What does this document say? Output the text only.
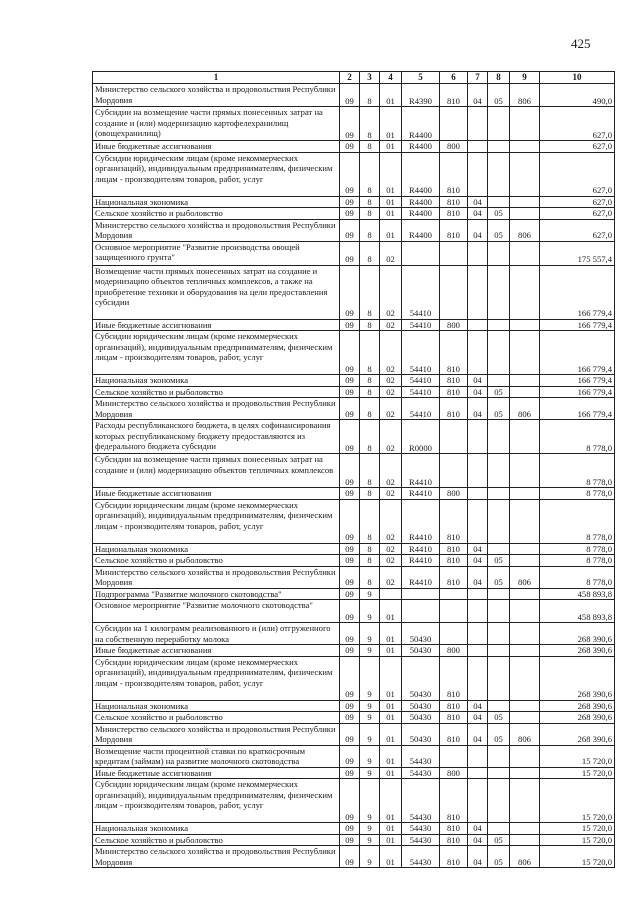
425
1	2	3	4	5	6	7	8	9	10
Министерство сельского хозяйства и продовольствия Республики Мордовия	09	8	01	R4390	810	04	05	806	490,0
Субсидии на возмещение части прямых понесенных затрат на создание и (или) модернизацию картофелехранилищ (овощехранилищ)	09	8	01	R4400					627,0
Иные бюджетные ассигнования	09	8	01	R4400	800				627,0
Субсидии юридическим лицам (кроме некоммерческих организаций), индивидуальным предпринимателям, физическим лицам - производителям товаров, работ, услуг	09	8	01	R4400	810				627,0
Национальная экономика	09	8	01	R4400	810	04			627,0
Сельское хозяйство и рыболовство	09	8	01	R4400	810	04	05		627,0
Министерство сельского хозяйства и продовольствия Республики Мордовия	09	8	01	R4400	810	04	05	806	627,0
Основное мероприятие "Развитие производства овощей защищенного грунта"	09	8	02						175 557,4
Возмещение части прямых понесенных затрат на создание и модернизацию объектов тепличных комплексов, а также на приобретение техники и оборудования на цели предоставления субсидии	09	8	02	54410					166 779,4
Иные бюджетные ассигнования	09	8	02	54410	800				166 779,4
Субсидии юридическим лицам (кроме некоммерческих организаций), индивидуальным предпринимателям, физическим лицам - производителям товаров, работ, услуг	09	8	02	54410	810				166 779,4
Национальная экономика	09	8	02	54410	810	04			166 779,4
Сельское хозяйство и рыболовство	09	8	02	54410	810	04	05		166 779,4
Министерство сельского хозяйства и продовольствия Республики Мордовия	09	8	02	54410	810	04	05	806	166 779,4
Расходы республиканского бюджета, в целях софинансирования которых республиканскому бюджету предоставляются из федерального бюджета субсидии	09	8	02	R0000					8 778,0
Субсидии на возмещение части прямых понесенных затрат на создание и (или) модернизацию объектов тепличных комплексов	09	8	02	R4410					8 778,0
Иные бюджетные ассигнования	09	8	02	R4410	800				8 778,0
Субсидии юридическим лицам (кроме некоммерческих организаций), индивидуальным предпринимателям, физическим лицам - производителям товаров, работ, услуг	09	8	02	R4410	810				8 778,0
Национальная экономика	09	8	02	R4410	810	04			8 778,0
Сельское хозяйство и рыболовство	09	8	02	R4410	810	04	05		8 778,0
Министерство сельского хозяйства и продовольствия Республики Мордовия	09	8	02	R4410	810	04	05	806	8 778,0
Подпрограмма "Развитие молочного скотоводства"	09	9							458 893,8
Основное мероприятие "Развитие молочного скотоводства"	09	9	01						458 893,8
Субсидии на 1 килограмм реализованного и (или) отгруженного на собственную переработку молока	09	9	01	50430					268 390,6
Иные бюджетные ассигнования	09	9	01	50430	800				268 390,6
Субсидии юридическим лицам (кроме некоммерческих организаций), индивидуальным предпринимателям, физическим лицам - производителям товаров, работ, услуг	09	9	01	50430	810				268 390,6
Национальная экономика	09	9	01	50430	810	04			268 390,6
Сельское хозяйство и рыболовство	09	9	01	50430	810	04	05		268 390,6
Министерство сельского хозяйства и продовольствия Республики Мордовия	09	9	01	50430	810	04	05	806	268 390,6
Возмещение части процентной ставки по краткосрочным кредитам (займам) на развитие молочного скотоводства	09	9	01	54430					15 720,0
Иные бюджетные ассигнования	09	9	01	54430	800				15 720,0
Субсидии юридическим лицам (кроме некоммерческих организаций), индивидуальным предпринимателям, физическим лицам - производителям товаров, работ, услуг	09	9	01	54430	810				15 720,0
Национальная экономика	09	9	01	54430	810	04			15 720,0
Сельское хозяйство и рыболовство	09	9	01	54430	810	04	05		15 720,0
Министерство сельского хозяйства и продовольствия Республики Мордовия	09	9	01	54430	810	04	05	806	15 720,0
